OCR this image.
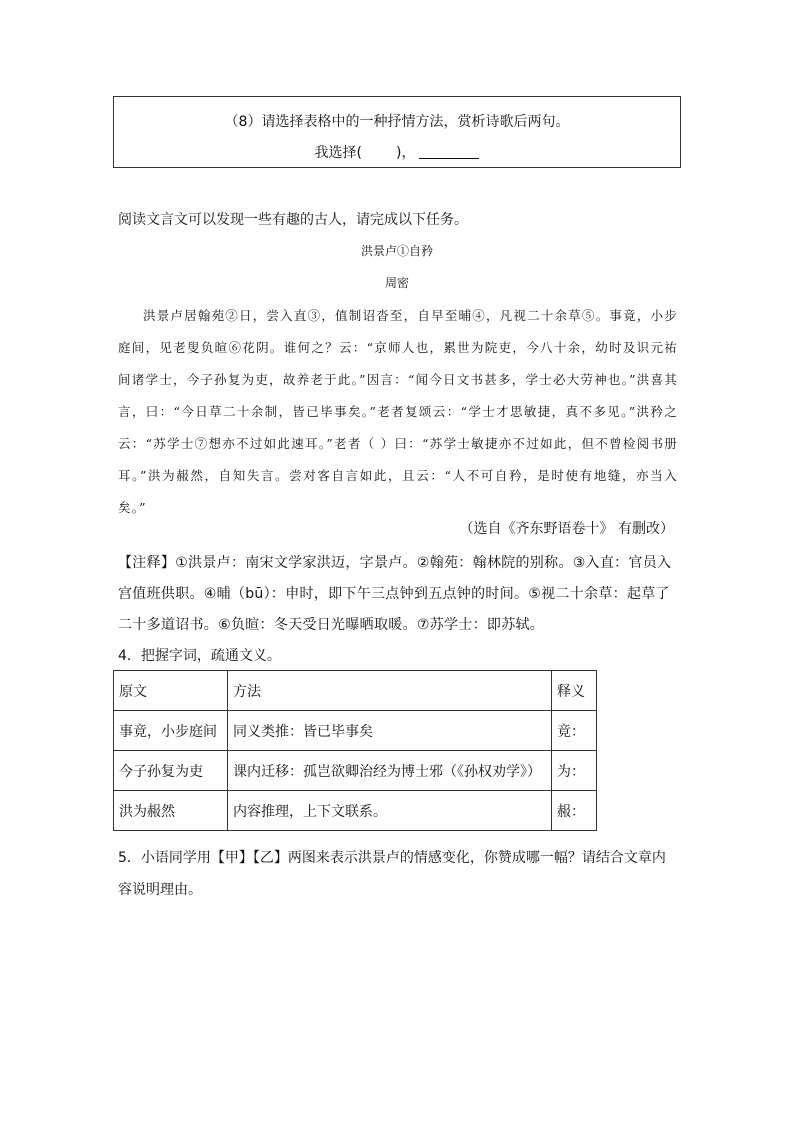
（8）请选择表格中的一种抒情方法，赏析诗歌后两句。
我选择( )，
阅读文言文可以发现一些有趣的古人，请完成以下任务。
洪景卢①自矜
周密

洪景卢居翰苑②日，尝入直③，值制诏沓至，自早至晡④，凡视二十余草⑤。事竟，小步庭间，见老叟负暄⑥花阴。谁何之？云：“京师人也，累世为院吏，今八十余，幼时及识元祐间诸学士，今子孙复为吏，故养老于此。”因言：“闻今日文书甚多，学士必大劳神也。”洪喜其言，曰：“今日草二十余制，皆已毕事矣。”老者复颂云：“学士才思敏捷，真不多见。”洪矜之云：“苏学士⑦想亦不过如此速耳。”老者（ ）曰：“苏学士敏捷亦不过如此，但不曾检阅书册耳。”洪为赧然，自知失言。尝对客自言如此，且云：“人不可自矜，是时使有地缝，亦当入矣。”

（选自《齐东野语卷十》 有删改）
【注释】①洪景卢：南宋文学家洪迈，字景卢。②翰苑：翰林院的别称。③入直：官员入宫值班供职。④晡（bū）：申时，即下午三点钟到五点钟的时间。⑤视二十余草：起草了二十多道诏书。⑥负暄：冬天受日光曝晒取暖。⑦苏学士：即苏轼。
4．把握字词，疏通文义。
原文	方法	释义
事竟，小步庭间	同义类推：皆已毕事矣	竟：
今子孙复为吏	课内迁移：孤岂欲卿治经为博士邪（《孙权劝学》）	为：
洪为赧然	内容推理，上下文联系。	赧：
5．小语同学用【甲】【乙】两图来表示洪景卢的情感变化，你赞成哪一幅？请结合文章内容说明理由。
